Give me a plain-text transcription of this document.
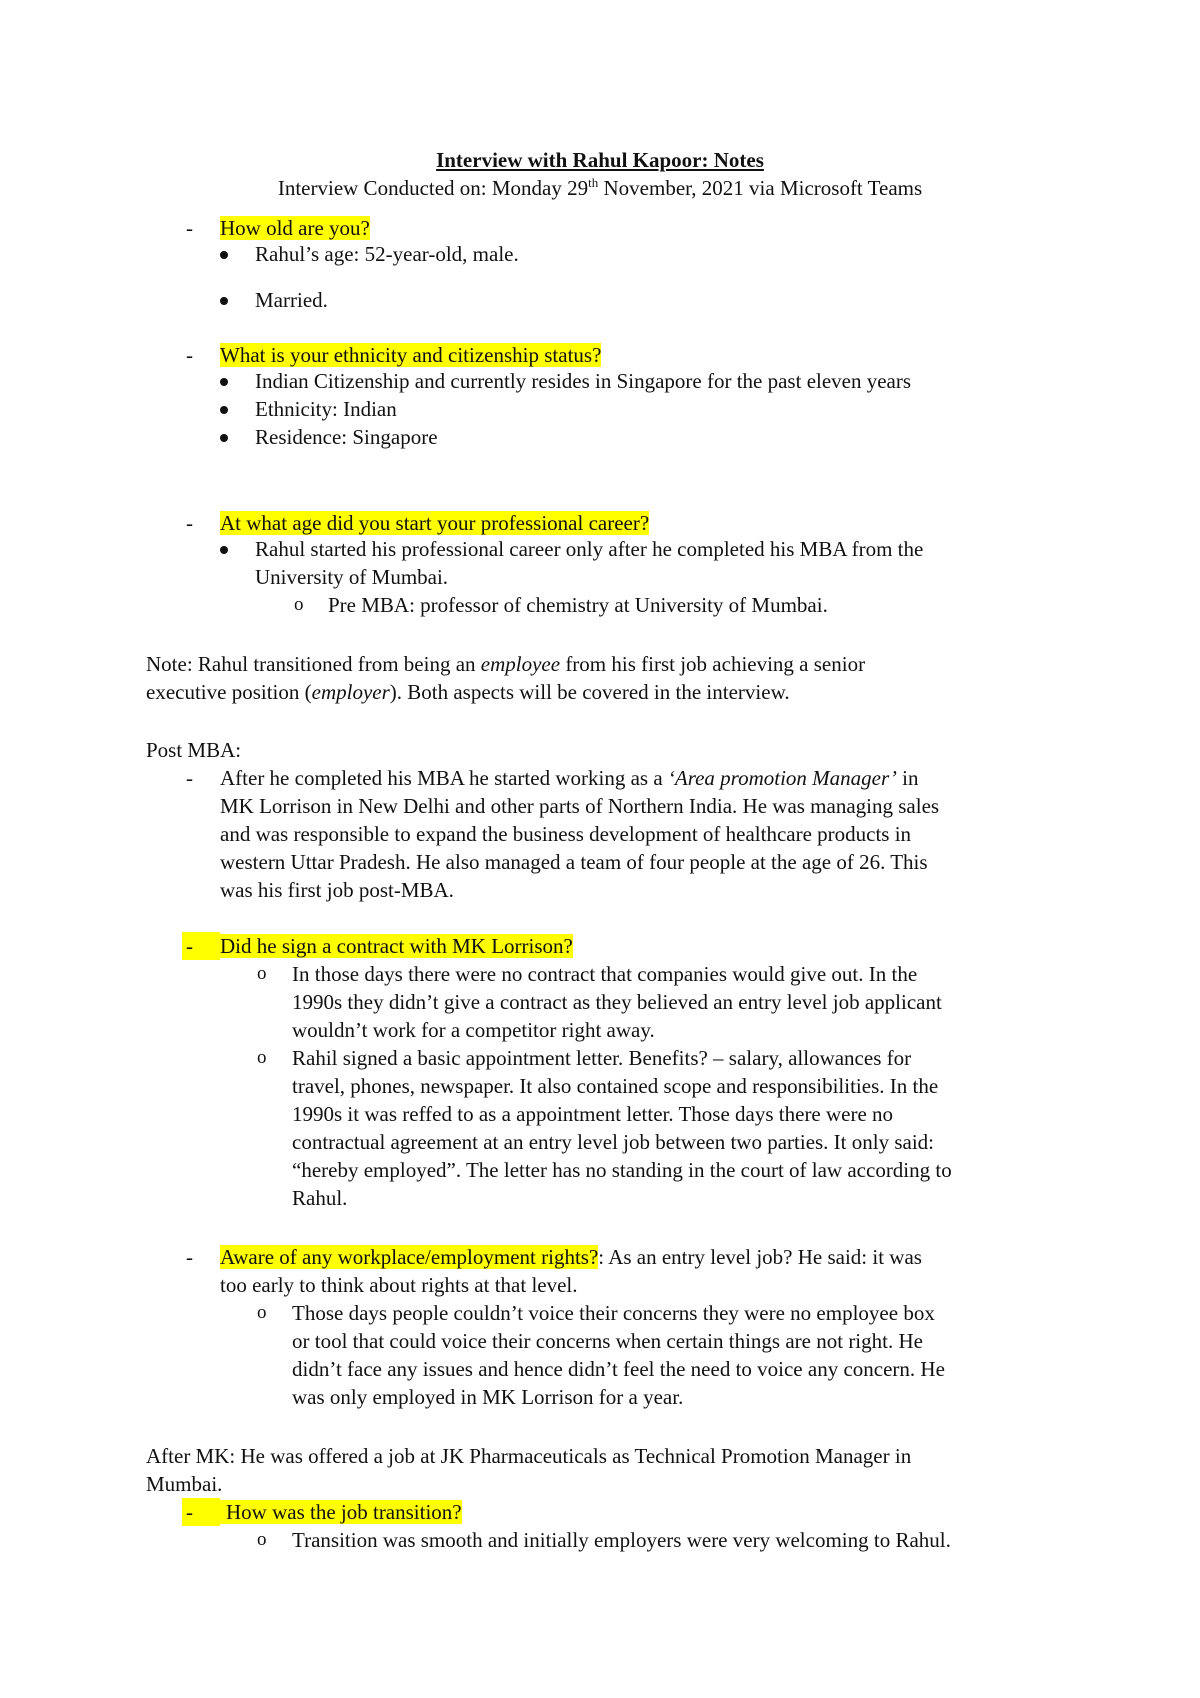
Interview with Rahul Kapoor: Notes
Interview Conducted on: Monday 29th November, 2021 via Microsoft Teams
- How old are you?
Rahul’s age: 52-year-old, male.
Married.
- What is your ethnicity and citizenship status?
Indian Citizenship and currently resides in Singapore for the past eleven years
Ethnicity: Indian
Residence: Singapore
- At what age did you start your professional career?
Rahul started his professional career only after he completed his MBA from the
University of Mumbai.
o Pre MBA: professor of chemistry at University of Mumbai.
Note: Rahul transitioned from being an employee from his first job achieving a senior
executive position (employer). Both aspects will be covered in the interview.
Post MBA:
- After he completed his MBA he started working as a ‘Area promotion Manager’ in
MK Lorrison in New Delhi and other parts of Northern India. He was managing sales
and was responsible to expand the business development of healthcare products in
western Uttar Pradesh. He also managed a team of four people at the age of 26. This
was his first job post-MBA.
-	Did he sign a contract with MK Lorrison?
o In those days there were no contract that companies would give out. In the
1990s they didn’t give a contract as they believed an entry level job applicant
wouldn’t work for a competitor right away.
o Rahil signed a basic appointment letter. Benefits? – salary, allowances for
travel, phones, newspaper. It also contained scope and responsibilities. In the
1990s it was reffed to as a appointment letter. Those days there were no
contractual agreement at an entry level job between two parties. It only said:
“hereby employed”. The letter has no standing in the court of law according to
Rahul.
- Aware of any workplace/employment rights?: As an entry level job? He said: it was
too early to think about rights at that level.
o Those days people couldn’t voice their concerns they were no employee box
or tool that could voice their concerns when certain things are not right. He
didn’t face any issues and hence didn’t feel the need to voice any concern. He
was only employed in MK Lorrison for a year.
After MK: He was offered a job at JK Pharmaceuticals as Technical Promotion Manager in
Mumbai.
-	How was the job transition?
o Transition was smooth and initially employers were very welcoming to Rahul.
